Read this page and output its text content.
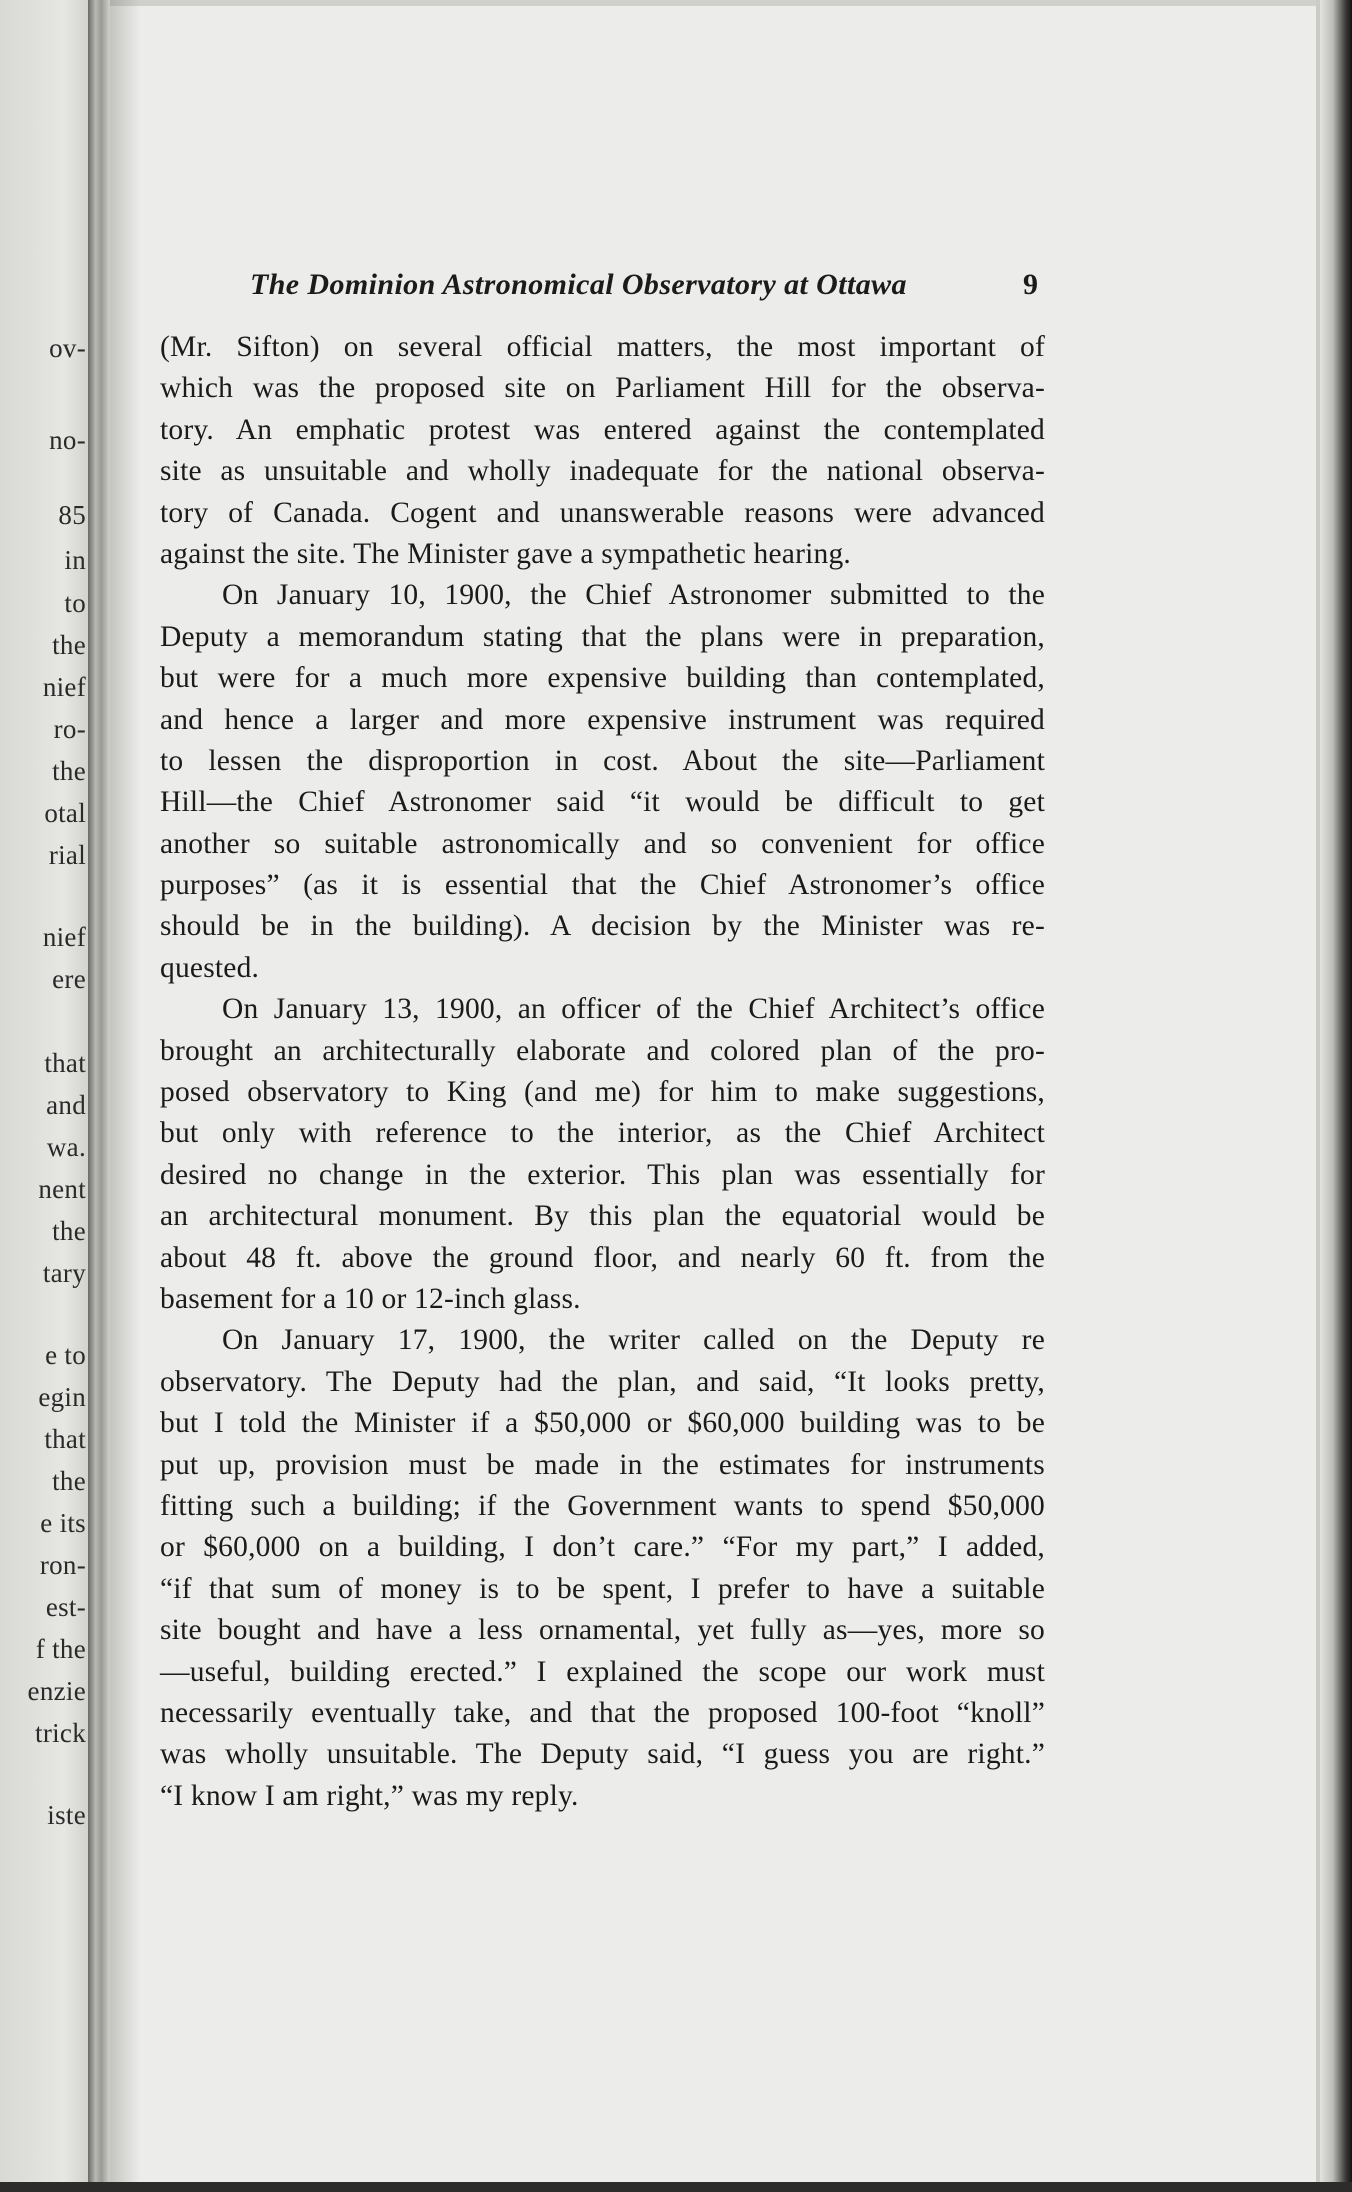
ov-
no-
85
in
to
the
nief
ro-
the
otal
rial
nief
ere
that
and
wa.
nent
the
tary
e to
egin
that
the
e its
ron-
est-
f the
enzie
trick
iste
The Dominion Astronomical Observatory at Ottawa	9
(Mr. Sifton) on several official matters, the most important of
which was the proposed site on Parliament Hill for the observa-
tory. An emphatic protest was entered against the contemplated
site as unsuitable and wholly inadequate for the national observa-
tory of Canada. Cogent and unanswerable reasons were advanced
against the site. The Minister gave a sympathetic hearing.
On January 10, 1900, the Chief Astronomer submitted to the
Deputy a memorandum stating that the plans were in preparation,
but were for a much more expensive building than contemplated,
and hence a larger and more expensive instrument was required
to lessen the disproportion in cost. About the site—Parliament
Hill—the Chief Astronomer said “it would be difficult to get
another so suitable astronomically and so convenient for office
purposes” (as it is essential that the Chief Astronomer’s office
should be in the building). A decision by the Minister was re-
quested.
On January 13, 1900, an officer of the Chief Architect’s office
brought an architecturally elaborate and colored plan of the pro-
posed observatory to King (and me) for him to make suggestions,
but only with reference to the interior, as the Chief Architect
desired no change in the exterior. This plan was essentially for
an architectural monument. By this plan the equatorial would be
about 48 ft. above the ground floor, and nearly 60 ft. from the
basement for a 10 or 12-inch glass.
On January 17, 1900, the writer called on the Deputy re
observatory. The Deputy had the plan, and said, “It looks pretty,
but I told the Minister if a $50,000 or $60,000 building was to be
put up, provision must be made in the estimates for instruments
fitting such a building; if the Government wants to spend $50,000
or $60,000 on a building, I don’t care.” “For my part,” I added,
“if that sum of money is to be spent, I prefer to have a suitable
site bought and have a less ornamental, yet fully as—yes, more so
—useful, building erected.” I explained the scope our work must
necessarily eventually take, and that the proposed 100-foot “knoll”
was wholly unsuitable. The Deputy said, “I guess you are right.”
“I know I am right,” was my reply.
